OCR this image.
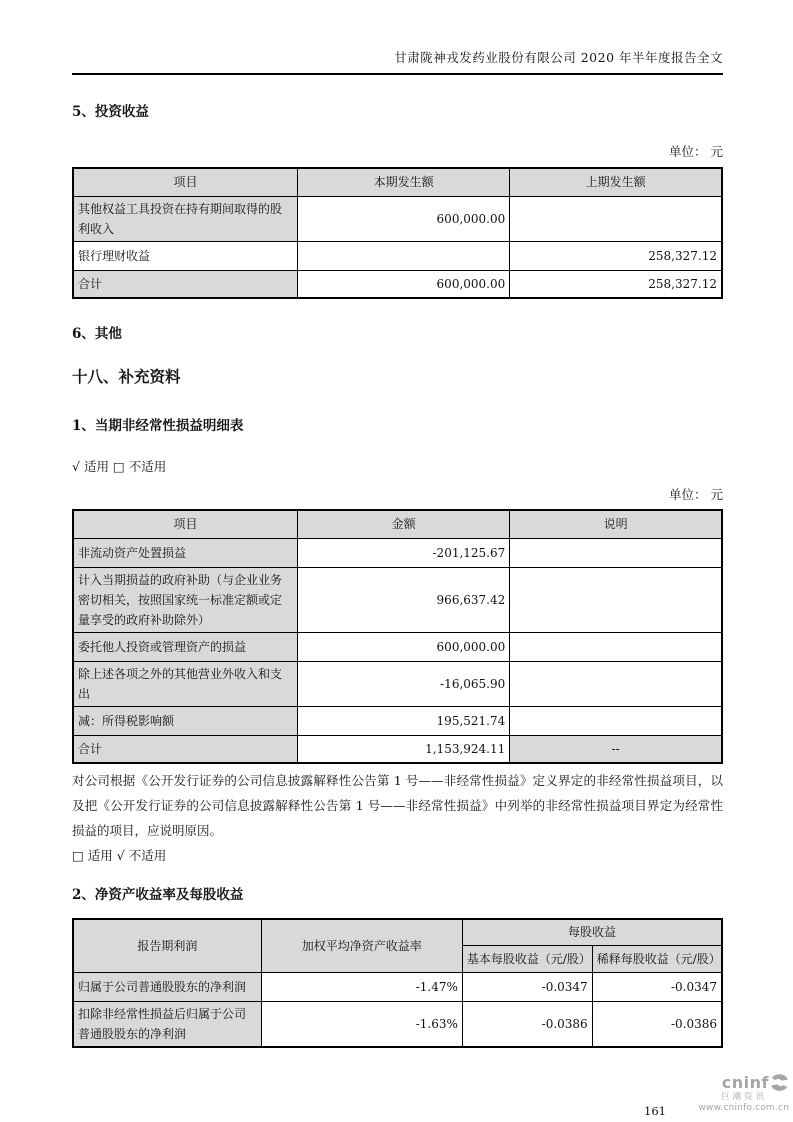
甘肃陇神戎发药业股份有限公司 2020 年半年度报告全文
5、投资收益
单位： 元
项目	本期发生额	上期发生额
其他权益工具投资在持有期间取得的股利收入	600,000.00	
银行理财收益		258,327.12
合计	600,000.00	258,327.12
6、其他
十八、补充资料
1、当期非经常性损益明细表
√ 适用 □ 不适用
单位： 元
项目	金额	说明
非流动资产处置损益	-201,125.67	
计入当期损益的政府补助（与企业业务密切相关，按照国家统一标准定额或定量享受的政府补助除外）	966,637.42	
委托他人投资或管理资产的损益	600,000.00	
除上述各项之外的其他营业外收入和支出	-16,065.90	
减：所得税影响额	195,521.74	
合计	1,153,924.11	--
对公司根据《公开发行证券的公司信息披露解释性公告第 1 号——非经常性损益》定义界定的非经常性损益项目，以及把《公开发行证券的公司信息披露解释性公告第 1 号——非经常性损益》中列举的非经常性损益项目界定为经常性损益的项目，应说明原因。
□ 适用 √ 不适用
2、净资产收益率及每股收益
报告期利润	加权平均净资产收益率	每股收益	
		基本每股收益（元/股）	稀释每股收益（元/股）
归属于公司普通股股东的净利润	-1.47%	-0.0347	-0.0347
扣除非经常性损益后归属于公司普通股股东的净利润	-1.63%	-0.0386	-0.0386
161
cninf
巨潮资讯
www.cninfo.com.cn
